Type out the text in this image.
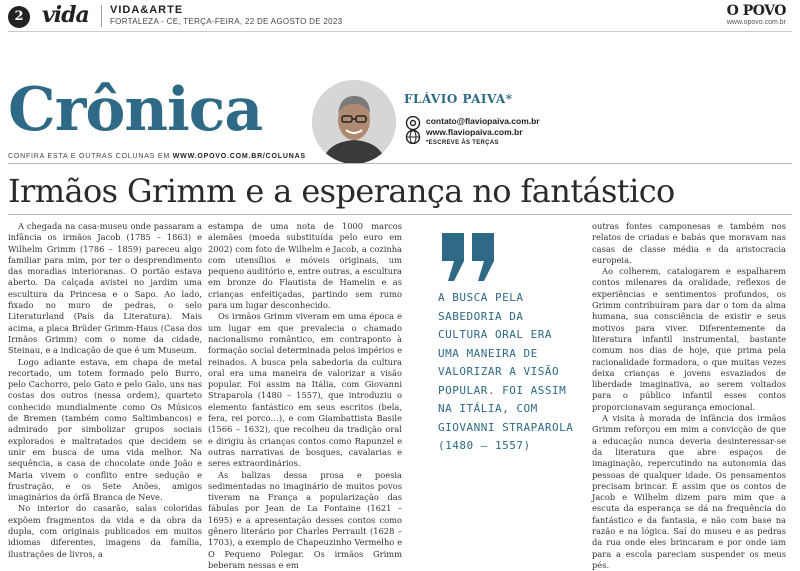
2 vida VIDA&ARTE
FORTALEZA - CE, TERÇA-FEIRA, 22 DE AGOSTO DE 2023
O POVO
www.opovo.com.br
Crônica	FLÁVIO PAIVA*
contato@flaviopaiva.com.br
www.flaviopaiva.com.br
*ESCREVE ÀS TERÇAS
CONFIRA ESTA E OUTRAS COLUNAS EM WWW.OPOVO.COM.BR/COLUNAS
Irmãos Grimm e a esperança no fantástico

A chegada na casa-museu onde passaram a infância os irmãos Jacob (1785 – 1863) e Wilhelm Grimm (1786 – 1859) pareceu algo familiar para mim, por ter o desprendimento das moradias interioranas. O portão estava aberto. Da calçada avistei no jardim uma escultura da Princesa e o Sapo. Ao lado, fixado no muro de pedras, o selo Literaturland (País da Literatura). Mais acima, a placa Brüder Grimm-Haus (Casa dos Irmãos Grimm) com o nome da cidade, Steinau, e a indicação de que é um Museum.

Logo adiante estava, em chapa de metal recortado, um totem formado pelo Burro, pelo Cachorro, pelo Gato e pelo Galo, uns nas costas dos outros (nessa ordem), quarteto conhecido mundialmente como Os Músicos de Bremen (também como Saltimbancos) e admirado por simbolizar grupos sociais explorados e maltratados que decidem se unir em busca de uma vida melhor. Na sequência, a casa de chocolate onde João e Maria vivem o conflito entre sedução e frustração, e os Sete Anões, amigos imaginários da órfã Branca de Neve.

No interior do casarão, salas coloridas expõem fragmentos da vida e da obra da dupla, com originais publicados em muitos idiomas diferentes, imagens da família, ilustrações de livros, a

estampa de uma nota de 1000 marcos alemães (moeda substituída pelo euro em 2002) com foto de Wilhelm e Jacob, a cozinha com utensílios e móveis originais, um pequeno auditório e, entre outras, a escultura em bronze do Flautista de Hamelin e as crianças enfeitiçadas, partindo sem rumo para um lugar desconhecido.

Os irmãos Grimm viveram em uma época e um lugar em que prevalecia o chamado nacionalismo romântico, em contraponto à formação social determinada pelos impérios e reinados. A busca pela sabedoria da cultura oral era uma maneira de valorizar a visão popular. Foi assim na Itália, com Giovanni Straparola (1480 – 1557), que introduziu o elemento fantástico em seus escritos (bela, fera, rei porco…), e com Giambattista Basile (1566 – 1632), que recolheu da tradição oral e dirigiu às crianças contos como Rapunzel e outras narrativas de bosques, cavalarias e seres extraordinários.

As balizas dessa prosa e poesia sedimentadas no imaginário de muitos povos tiveram na França a popularização das fábulas por Jean de La Fontaine (1621 – 1695) e a apresentação desses contos como gênero literário por Charles Perrault (1628 – 1703), a exemplo de Chapeuzinho Vermelho e O Pequeno Polegar. Os irmãos Grimm beberam nessas e em

A BUSCA PELA SABEDORIA DA CULTURA ORAL ERA UMA MANEIRA DE VALORIZAR A VISÃO POPULAR. FOI ASSIM NA ITÁLIA, COM GIOVANNI STRAPAROLA (1480 – 1557)

outras fontes camponesas e também nos relatos de criadas e babás que moravam nas casas de classe média e da aristocracia europeia.

Ao colherem, catalogarem e espalharem contos milenares da oralidade, reflexos de experiências e sentimentos profundos, os Grimm contribuíram para dar o tom da alma humana, sua consciência de existir e seus motivos para viver. Diferentemente da literatura infantil instrumental, bastante comum nos dias de hoje, que prima pela racionalidade formadora, o que muitas vezes deixa crianças e jovens esvaziados de liberdade imaginativa, ao serem voltados para o público infantil esses contos proporcionavam segurança emocional.

A visita à morada de infância dos irmãos Grimm reforçou em mim a convicção de que a educação nunca deveria desinteressar-se da literatura que abre espaços de imaginação, repercutindo na autonomia das pessoas de qualquer idade. Os pensamentos precisam brincar. É assim que os contos de Jacob e Wilhelm dizem para mim que a escuta da esperança se dá na frequência do fantástico e da fantasia, e não com base na razão e na lógica. Saí do museu e as pedras da rua onde eles brincaram e por onde iam para a escola pareciam suspender os meus pés.
